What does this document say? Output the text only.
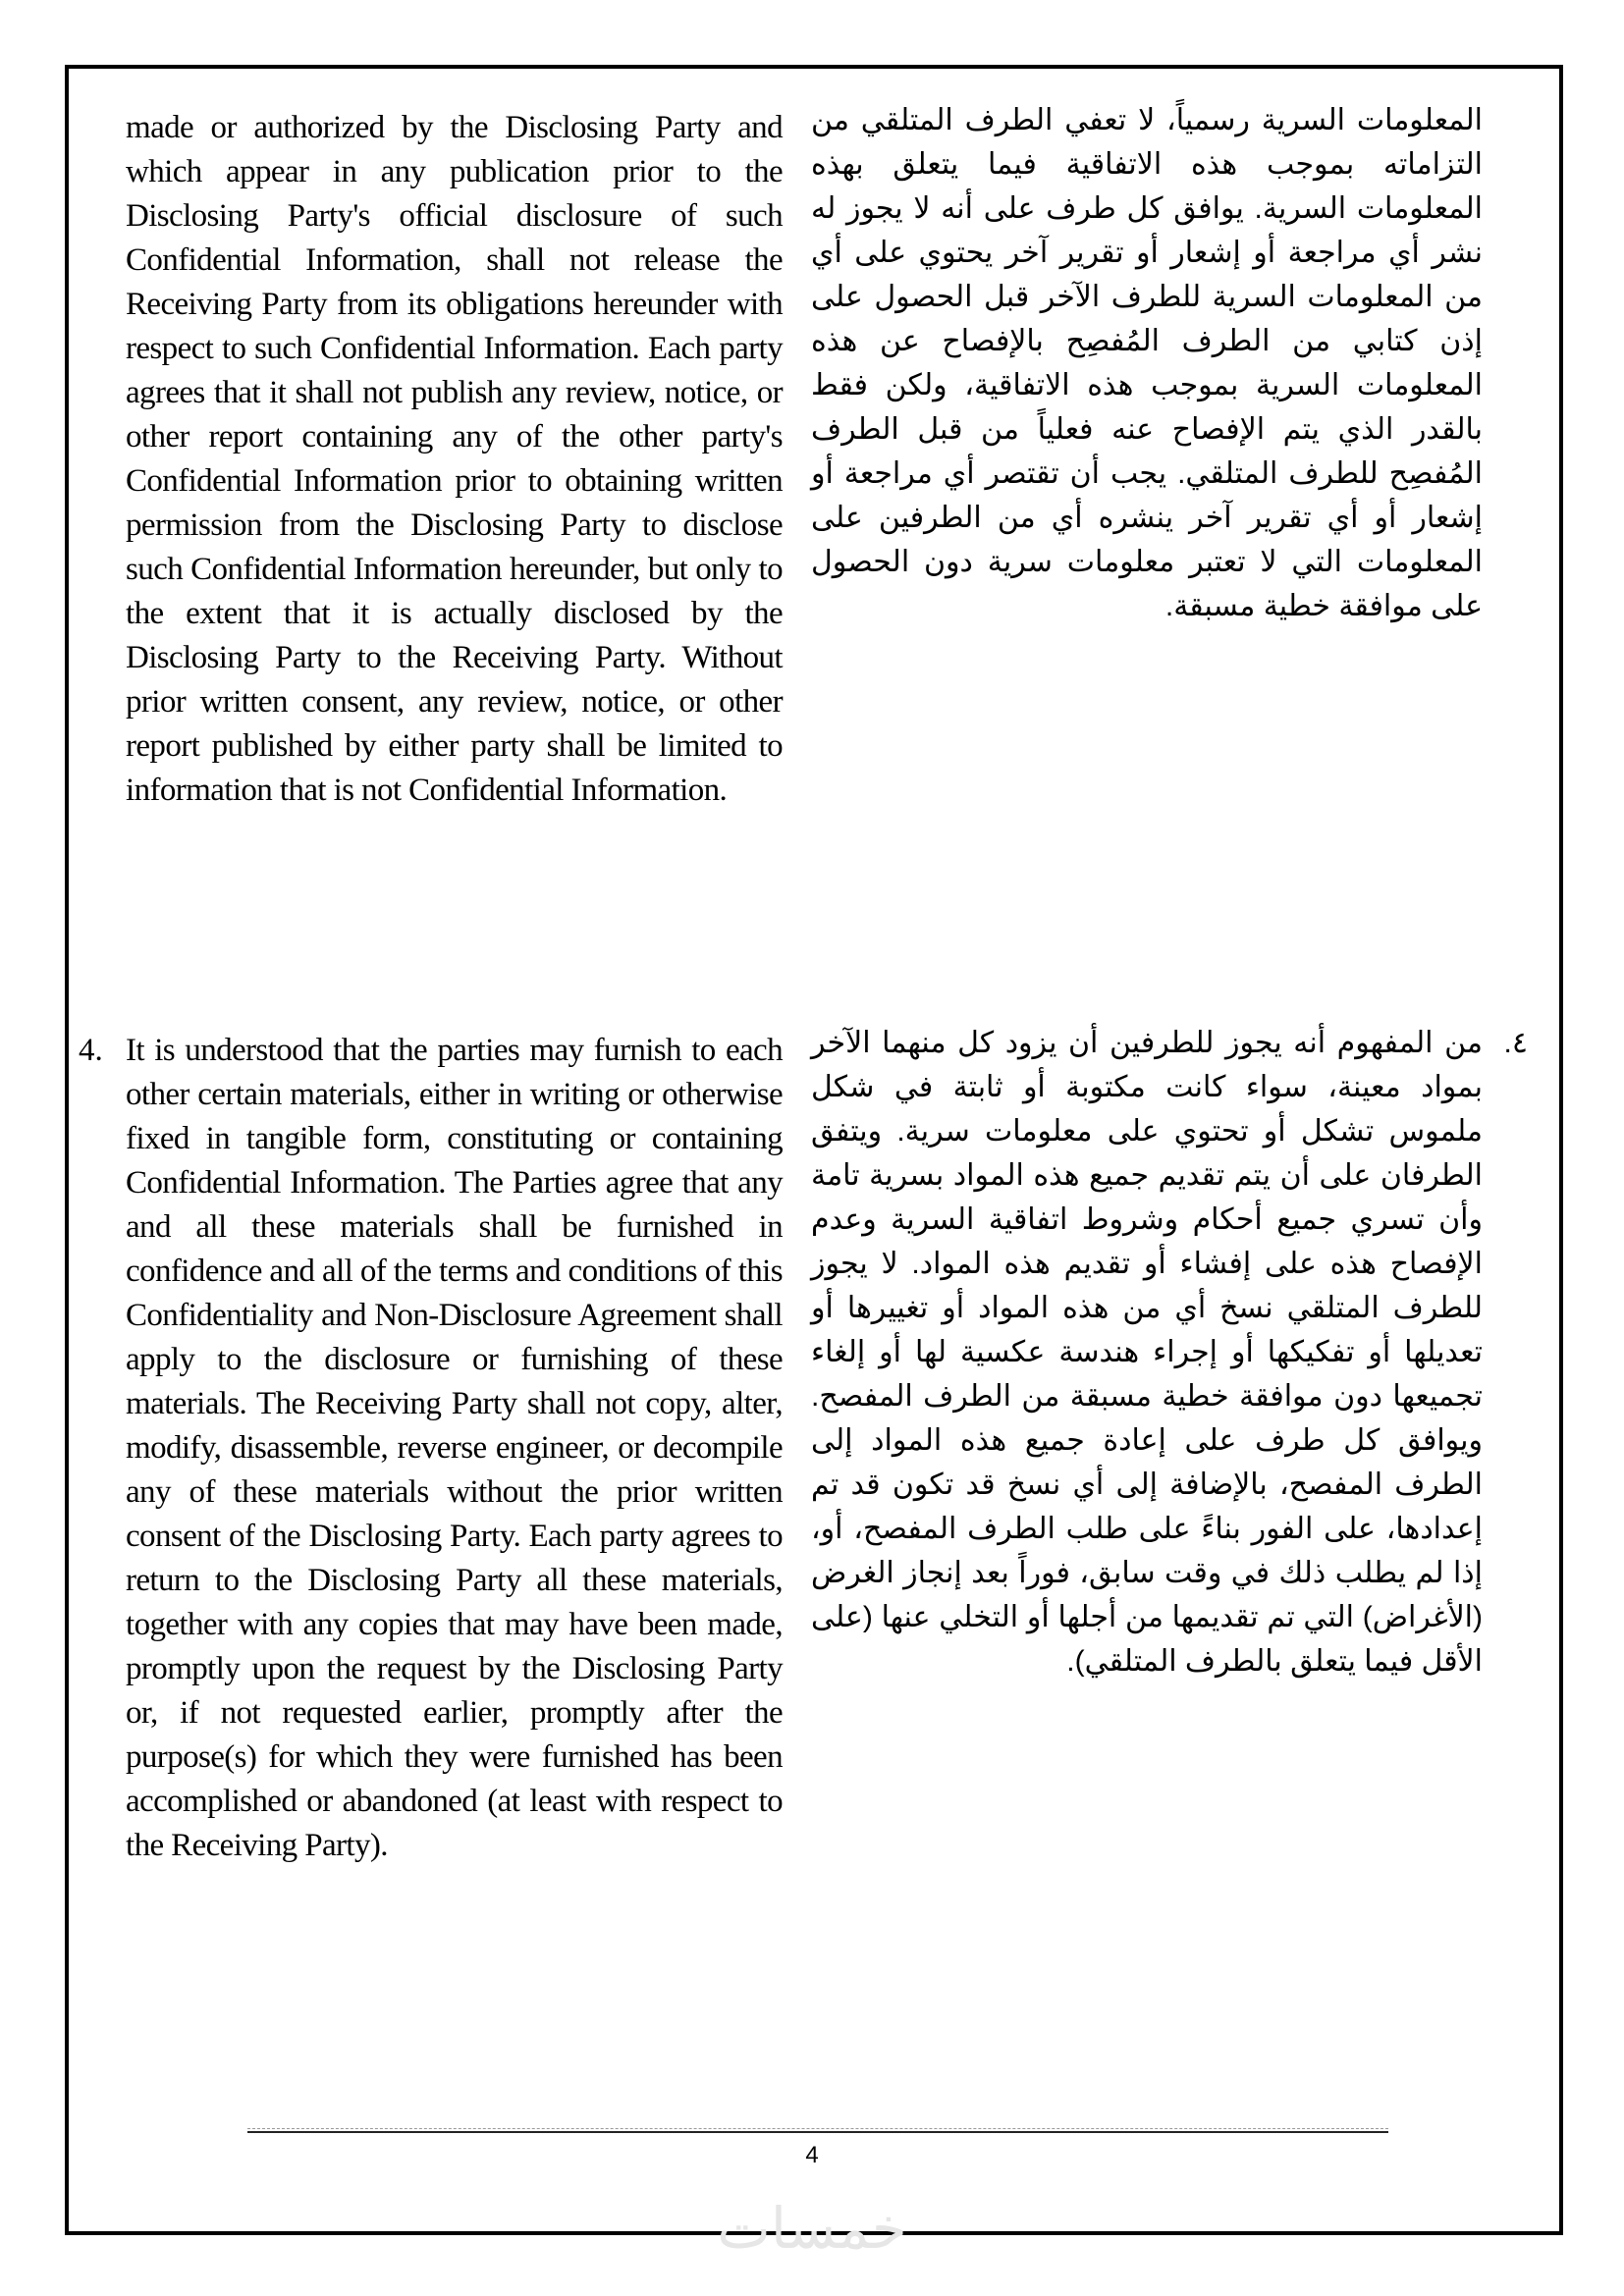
made or authorized by the Disclosing Party and which appear in any publication prior to the Disclosing Party's official disclosure of such Confidential Information, shall not release the Receiving Party from its obligations hereunder with respect to such Confidential Information. Each party agrees that it shall not publish any review, notice, or other report containing any of the other party's Confidential Information prior to obtaining written permission from the Disclosing Party to disclose such Confidential Information hereunder, but only to the extent that it is actually disclosed by the Disclosing Party to the Receiving Party. Without prior written consent, any review, notice, or other report published by either party shall be limited to information that is not Confidential Information.

المعلومات السرية رسمياً، لا تعفي الطرف المتلقي من التزاماته بموجب هذه الاتفاقية فيما يتعلق بهذه المعلومات السرية. يوافق كل طرف على أنه لا يجوز له نشر أي مراجعة أو إشعار أو تقرير آخر يحتوي على أي من المعلومات السرية للطرف الآخر قبل الحصول على إذن كتابي من الطرف المُفصِح بالإفصاح عن هذه المعلومات السرية بموجب هذه الاتفاقية، ولكن فقط بالقدر الذي يتم الإفصاح عنه فعلياً من قبل الطرف المُفصِح للطرف المتلقي. يجب أن تقتصر أي مراجعة أو إشعار أو أي تقرير آخر ينشره أي من الطرفين على المعلومات التي لا تعتبر معلومات سرية دون الحصول على موافقة خطية مسبقة.

4. It is understood that the parties may furnish to each other certain materials, either in writing or otherwise fixed in tangible form, constituting or containing Confidential Information. The Parties agree that any and all these materials shall be furnished in confidence and all of the terms and conditions of this Confidentiality and Non-Disclosure Agreement shall apply to the disclosure or furnishing of these materials. The Receiving Party shall not copy, alter, modify, disassemble, reverse engineer, or decompile any of these materials without the prior written consent of the Disclosing Party. Each party agrees to return to the Disclosing Party all these materials, together with any copies that may have been made, promptly upon the request by the Disclosing Party or, if not requested earlier, promptly after the purpose(s) for which they were furnished has been accomplished or abandoned (at least with respect to the Receiving Party).

٤.

من المفهوم أنه يجوز للطرفين أن يزود كل منهما الآخر بمواد معينة، سواء كانت مكتوبة أو ثابتة في شكل ملموس تشكل أو تحتوي على معلومات سرية. ويتفق الطرفان على أن يتم تقديم جميع هذه المواد بسرية تامة وأن تسري جميع أحكام وشروط اتفاقية السرية وعدم الإفصاح هذه على إفشاء أو تقديم هذه المواد. لا يجوز للطرف المتلقي نسخ أي من هذه المواد أو تغييرها أو تعديلها أو تفكيكها أو إجراء هندسة عكسية لها أو إلغاء تجميعها دون موافقة خطية مسبقة من الطرف المفصح. ويوافق كل طرف على إعادة جميع هذه المواد إلى الطرف المفصح، بالإضافة إلى أي نسخ قد تكون قد تم إعدادها، على الفور بناءً على طلب الطرف المفصح، أو، إذا لم يطلب ذلك في وقت سابق، فوراً بعد إنجاز الغرض (الأغراض) التي تم تقديمها من أجلها أو التخلي عنها (على الأقل فيما يتعلق بالطرف المتلقي).

4
خمسات
